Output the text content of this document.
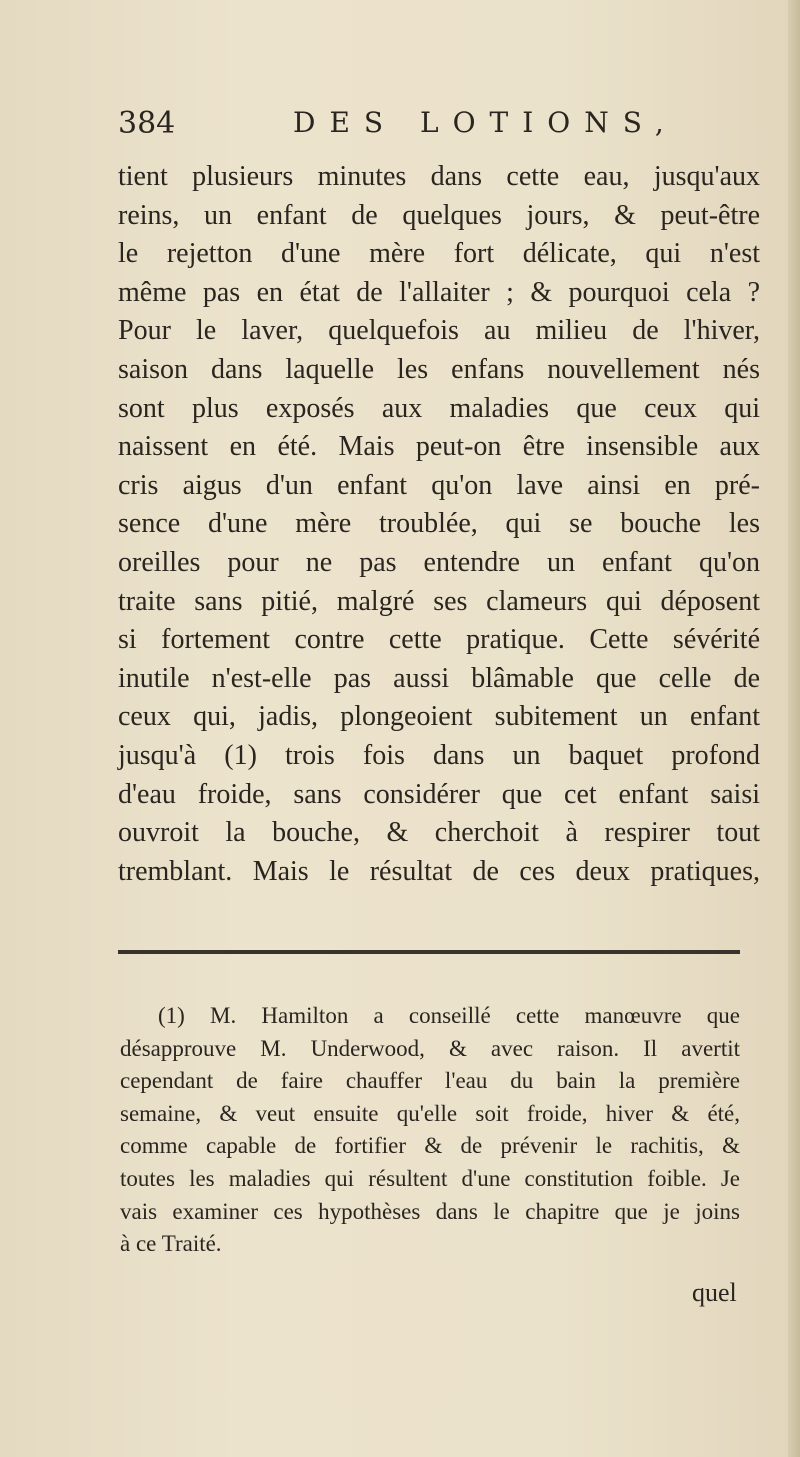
384	DES LOTIONS,
tient plusieurs minutes dans cette eau, jusqu'aux
reins, un enfant de quelques jours, & peut-être
le rejetton d'une mère fort délicate, qui n'est
même pas en état de l'allaiter ; & pourquoi cela ?
Pour le laver, quelquefois au milieu de l'hiver,
saison dans laquelle les enfans nouvellement nés
sont plus exposés aux maladies que ceux qui
naissent en été. Mais peut-on être insensible aux
cris aigus d'un enfant qu'on lave ainsi en pré-
sence d'une mère troublée, qui se bouche les
oreilles pour ne pas entendre un enfant qu'on
traite sans pitié, malgré ses clameurs qui déposent
si fortement contre cette pratique. Cette sévérité
inutile n'est-elle pas aussi blâmable que celle de
ceux qui, jadis, plongeoient subitement un enfant
jusqu'à (1) trois fois dans un baquet profond
d'eau froide, sans considérer que cet enfant saisi
ouvroit la bouche, & cherchoit à respirer tout
tremblant. Mais le résultat de ces deux pratiques,
(1) M. Hamilton a conseillé cette manœuvre que
désapprouve M. Underwood, & avec raison. Il avertit
cependant de faire chauffer l'eau du bain la première
semaine, & veut ensuite qu'elle soit froide, hiver & été,
comme capable de fortifier & de prévenir le rachitis, &
toutes les maladies qui résultent d'une constitution foible. Je
vais examiner ces hypothèses dans le chapitre que je joins
à ce Traité.
quel
